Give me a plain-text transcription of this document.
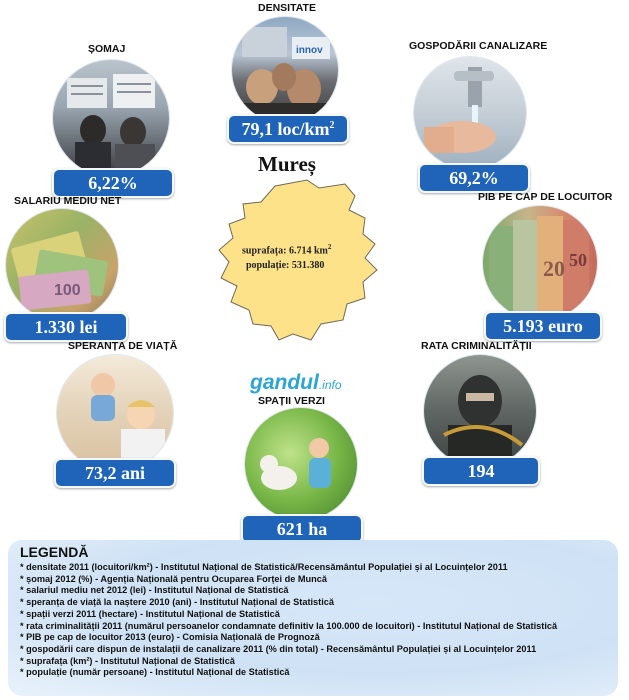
DENSITATE
innov
79,1 loc/$km^2$
ȘOMAJ
6,22%
GOSPODĂRII CANALIZARE
69,2%
SALARIU MEDIU NET
100
1.330 lei
PIB PE CAP DE LOCUITOR
20 50
5.193 euro
Mureș
suprafața: 6.714 $km^2$
populație: 531.380
gandul.info
SPERANȚA DE VIAȚĂ
73,2 ani
RATA CRIMINALITĂȚII
194
SPAȚII VERZI
621 ha
LEGENDĂ
* densitate 2011 (locuitori/km²) - Institutul Național de Statistică/Recensământul Populației și al Locuințelor 2011
* șomaj 2012 (%) - Agenția Națională pentru Ocuparea Forței de Muncă
* salariul mediu net 2012 (lei) - Institutul Național de Statistică
* speranța de viață la naștere 2010 (ani) - Institutul Național de Statistică
* spații verzi 2011 (hectare) - Institutul Național de Statistică
* rata criminalității 2011 (numărul persoanelor condamnate definitiv la 100.000 de locuitori) - Institutul Național de Statistică
* PIB pe cap de locuitor 2013 (euro) - Comisia Națională de Prognoză
* gospodării care dispun de instalații de canalizare 2011 (% din total) - Recensământul Populației și al Locuințelor 2011
* suprafața (km²) - Institutul Național de Statistică
* populație (număr persoane) - Institutul Național de Statistică
